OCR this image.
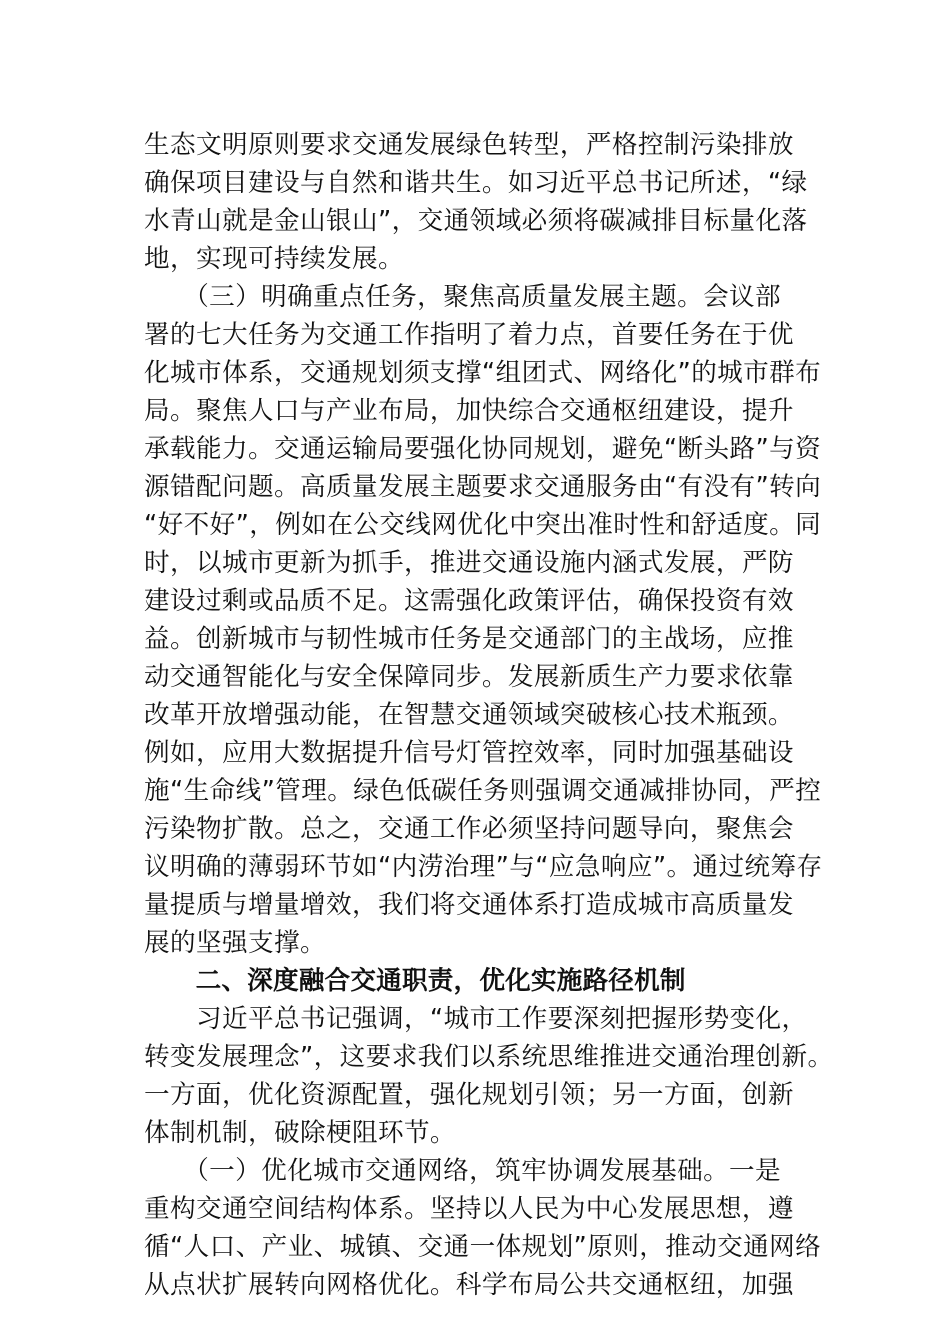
生态文明原则要求交通发展绿色转型，严格控制污染排放
确保项目建设与自然和谐共生。如习近平总书记所述，“绿
水青山就是金山银山”，交通领域必须将碳减排目标量化落
地，实现可持续发展。
　　（三）明确重点任务，聚焦高质量发展主题。会议部
署的七大任务为交通工作指明了着力点，首要任务在于优
化城市体系，交通规划须支撑“组团式、网络化”的城市群布
局。聚焦人口与产业布局，加快综合交通枢纽建设，提升
承载能力。交通运输局要强化协同规划，避免“断头路”与资
源错配问题。高质量发展主题要求交通服务由“有没有”转向
“好不好”，例如在公交线网优化中突出准时性和舒适度。同
时，以城市更新为抓手，推进交通设施内涵式发展，严防
建设过剩或品质不足。这需强化政策评估，确保投资有效
益。创新城市与韧性城市任务是交通部门的主战场，应推
动交通智能化与安全保障同步。发展新质生产力要求依靠
改革开放增强动能，在智慧交通领域突破核心技术瓶颈。
例如，应用大数据提升信号灯管控效率，同时加强基础设
施“生命线”管理。绿色低碳任务则强调交通减排协同，严控
污染物扩散。总之，交通工作必须坚持问题导向，聚焦会
议明确的薄弱环节如“内涝治理”与“应急响应”。通过统筹存
量提质与增量增效，我们将交通体系打造成城市高质量发
展的坚强支撑。
　　二、深度融合交通职责，优化实施路径机制
　　习近平总书记强调，“城市工作要深刻把握形势变化，
转变发展理念”，这要求我们以系统思维推进交通治理创新。
一方面，优化资源配置，强化规划引领；另一方面，创新
体制机制，破除梗阻环节。
　　（一）优化城市交通网络，筑牢协调发展基础。一是
重构交通空间结构体系。坚持以人民为中心发展思想，遵
循“人口、产业、城镇、交通一体规划”原则，推动交通网络
从点状扩展转向网格优化。科学布局公共交通枢纽，加强
